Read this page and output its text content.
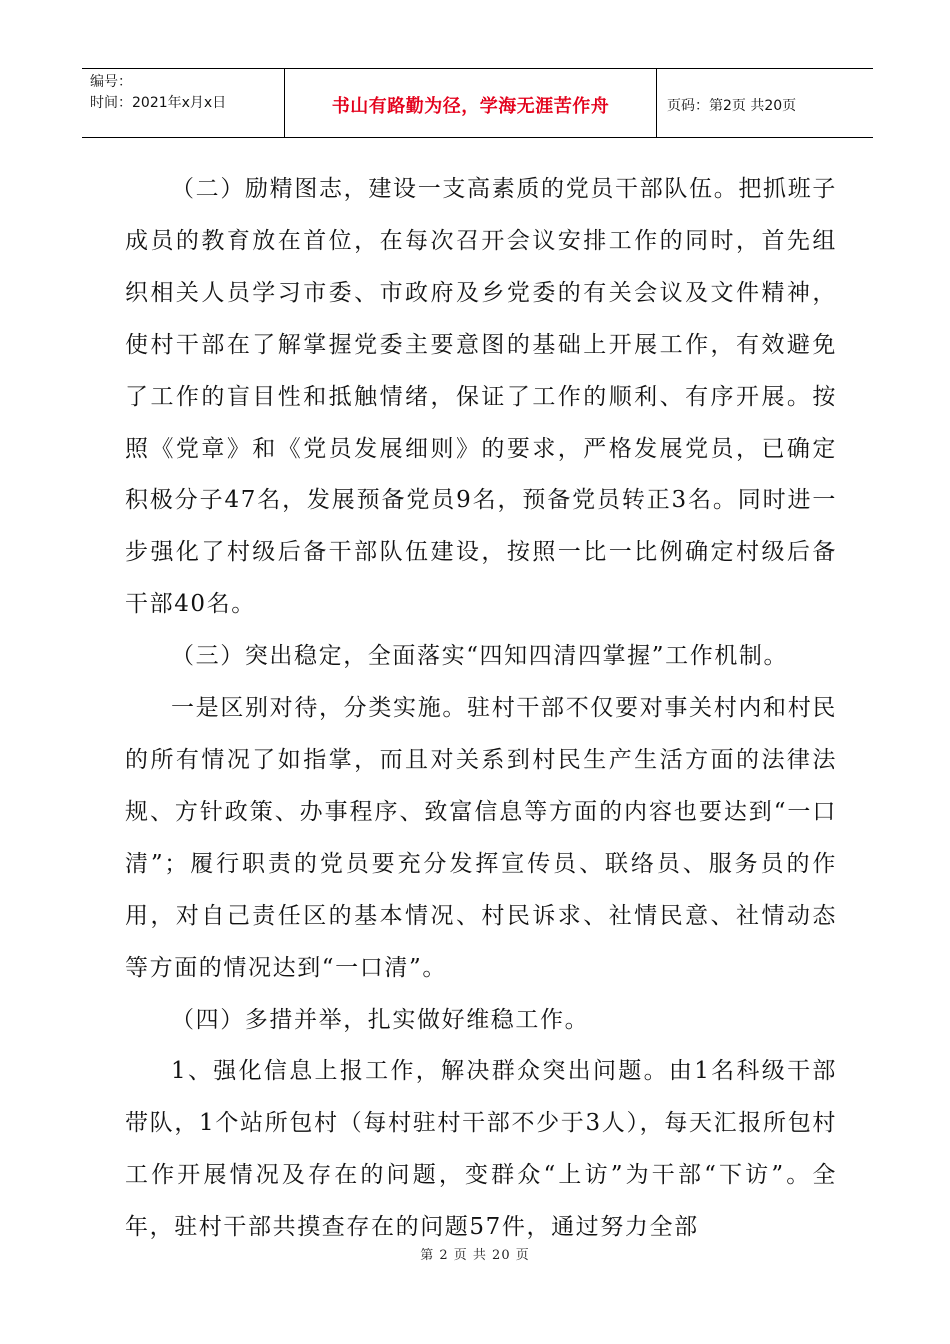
编号：
时间：2021年x月x日	书山有路勤为径，学海无涯苦作舟	页码：第2页 共20页

（二）励精图志，建设一支高素质的党员干部队伍。把抓班子成员的教育放在首位，在每次召开会议安排工作的同时，首先组织相关人员学习市委、市政府及乡党委的有关会议及文件精神，使村干部在了解掌握党委主要意图的基础上开展工作，有效避免了工作的盲目性和抵触情绪，保证了工作的顺利、有序开展。按照《党章》和《党员发展细则》的要求，严格发展党员，已确定积极分子47名，发展预备党员9名，预备党员转正3名。同时进一步强化了村级后备干部队伍建设，按照一比一比例确定村级后备干部40名。

（三）突出稳定，全面落实“四知四清四掌握”工作机制。

一是区别对待，分类实施。驻村干部不仅要对事关村内和村民的所有情况了如指掌，而且对关系到村民生产生活方面的法律法规、方针政策、办事程序、致富信息等方面的内容也要达到“一口清”；履行职责的党员要充分发挥宣传员、联络员、服务员的作用，对自己责任区的基本情况、村民诉求、社情民意、社情动态等方面的情况达到“一口清”。

（四）多措并举，扎实做好维稳工作。

1、强化信息上报工作，解决群众突出问题。由1名科级干部带队，1个站所包村（每村驻村干部不少于3人），每天汇报所包村工作开展情况及存在的问题，变群众“上访”为干部“下访”。全年，驻村干部共摸查存在的问题57件，通过努力全部

第 2 页 共 20 页
